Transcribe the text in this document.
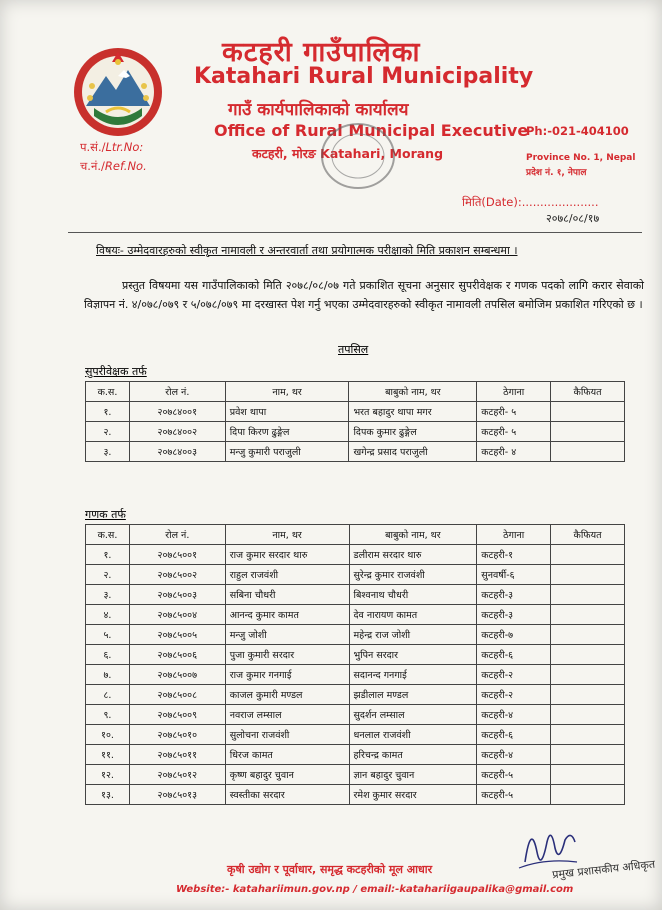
कटहरी गाउँपालिका
Katahari Rural Municipality
गाउँ कार्यपालिकाको कार्यालय
Office of Rural Municipal Executive
कटहरी, मोरङ Katahari, Morang
Ph:-021-404100
Province No. 1, Nepal
प्रदेश नं. १, नेपाल
प.सं./Ltr.No:
च.नं./Ref.No.
मिति(Date):.....................
२०७८/०८/१७
विषयः- उम्मेदवारहरुको स्वीकृत नामावली र अन्तरवार्ता तथा प्रयोगात्मक परीक्षाको मिति प्रकाशन सम्बन्धमा ।

प्रस्तुत विषयमा यस गाउँपालिकाको मिति २०७८/०८/०७ गते प्रकाशित सूचना अनुसार सुपरीवेक्षक र गणक पदको लागि करार सेवाको विज्ञापन नं. ४/०७८/०७९ र ५/०७८/०७९ मा दरखास्त पेश गर्नु भएका उम्मेदवारहरुको स्वीकृत नामावली तपसिल बमोजिम प्रकाशित गरिएको छ ।

तपसिल
सुपरीवेक्षक तर्फ
क.स.	रोल नं.	नाम, थर	बाबुको नाम, थर	ठेगाना	कैफियत
१.	२०७८४००१	प्रवेश थापा	भरत बहादुर थापा मगर	कटहरी- ५	
२.	२०७८४००२	दिपा किरण ढुङ्गेल	दिपक कुमार ढुङ्गेल	कटहरी- ५	
३.	२०७८४००३	मन्जु कुमारी पराजुली	खगेन्द्र प्रसाद पराजुली	कटहरी- ४	
गणक तर्फ
क.स.	रोल नं.	नाम, थर	बाबुको नाम, थर	ठेगाना	कैफियत
१.	२०७८५००१	राज कुमार सरदार थारु	डलीराम सरदार थारु	कटहरी-१	
२.	२०७८५००२	राहुल राजवंशी	सुरेन्द्र कुमार राजवंशी	सुनवर्षी-६	
३.	२०७८५००३	सबिना चौधरी	बिश्वनाथ चौधरी	कटहरी-३	
४.	२०७८५००४	आनन्द कुमार कामत	देव नारायण कामत	कटहरी-३	
५.	२०७८५००५	मन्जु जोशी	महेन्द्र राज जोशी	कटहरी-७	
६.	२०७८५००६	पुजा कुमारी सरदार	भुपिन सरदार	कटहरी-६	
७.	२०७८५००७	राज कुमार गनगाई	सदानन्द गनगाई	कटहरी-२	
८.	२०७८५००८	काजल कुमारी मण्डल	झडीलाल मण्डल	कटहरी-२	
९.	२०७८५००९	नवराज लम्साल	सुदर्शन लम्साल	कटहरी-४	
१०.	२०७८५०१०	सुलोचना राजवंशी	धनलाल राजवंशी	कटहरी-६	
११.	२०७८५०११	धिरज कामत	हरिचन्द्र कामत	कटहरी-४	
१२.	२०७८५०१२	कृष्ण बहादुर चुवान	ज्ञान बहादुर चुवान	कटहरी-५	
१३.	२०७८५०१३	स्वस्तीका सरदार	रमेश कुमार सरदार	कटहरी-५	
प्रमुख प्रशासकीय अधिकृत
कृषी उद्योग र पूर्वाधार, समृद्ध कटहरीको मूल आधार
Website:- katahariimun.gov.np / email:-katahariigaupalika@gmail.com
